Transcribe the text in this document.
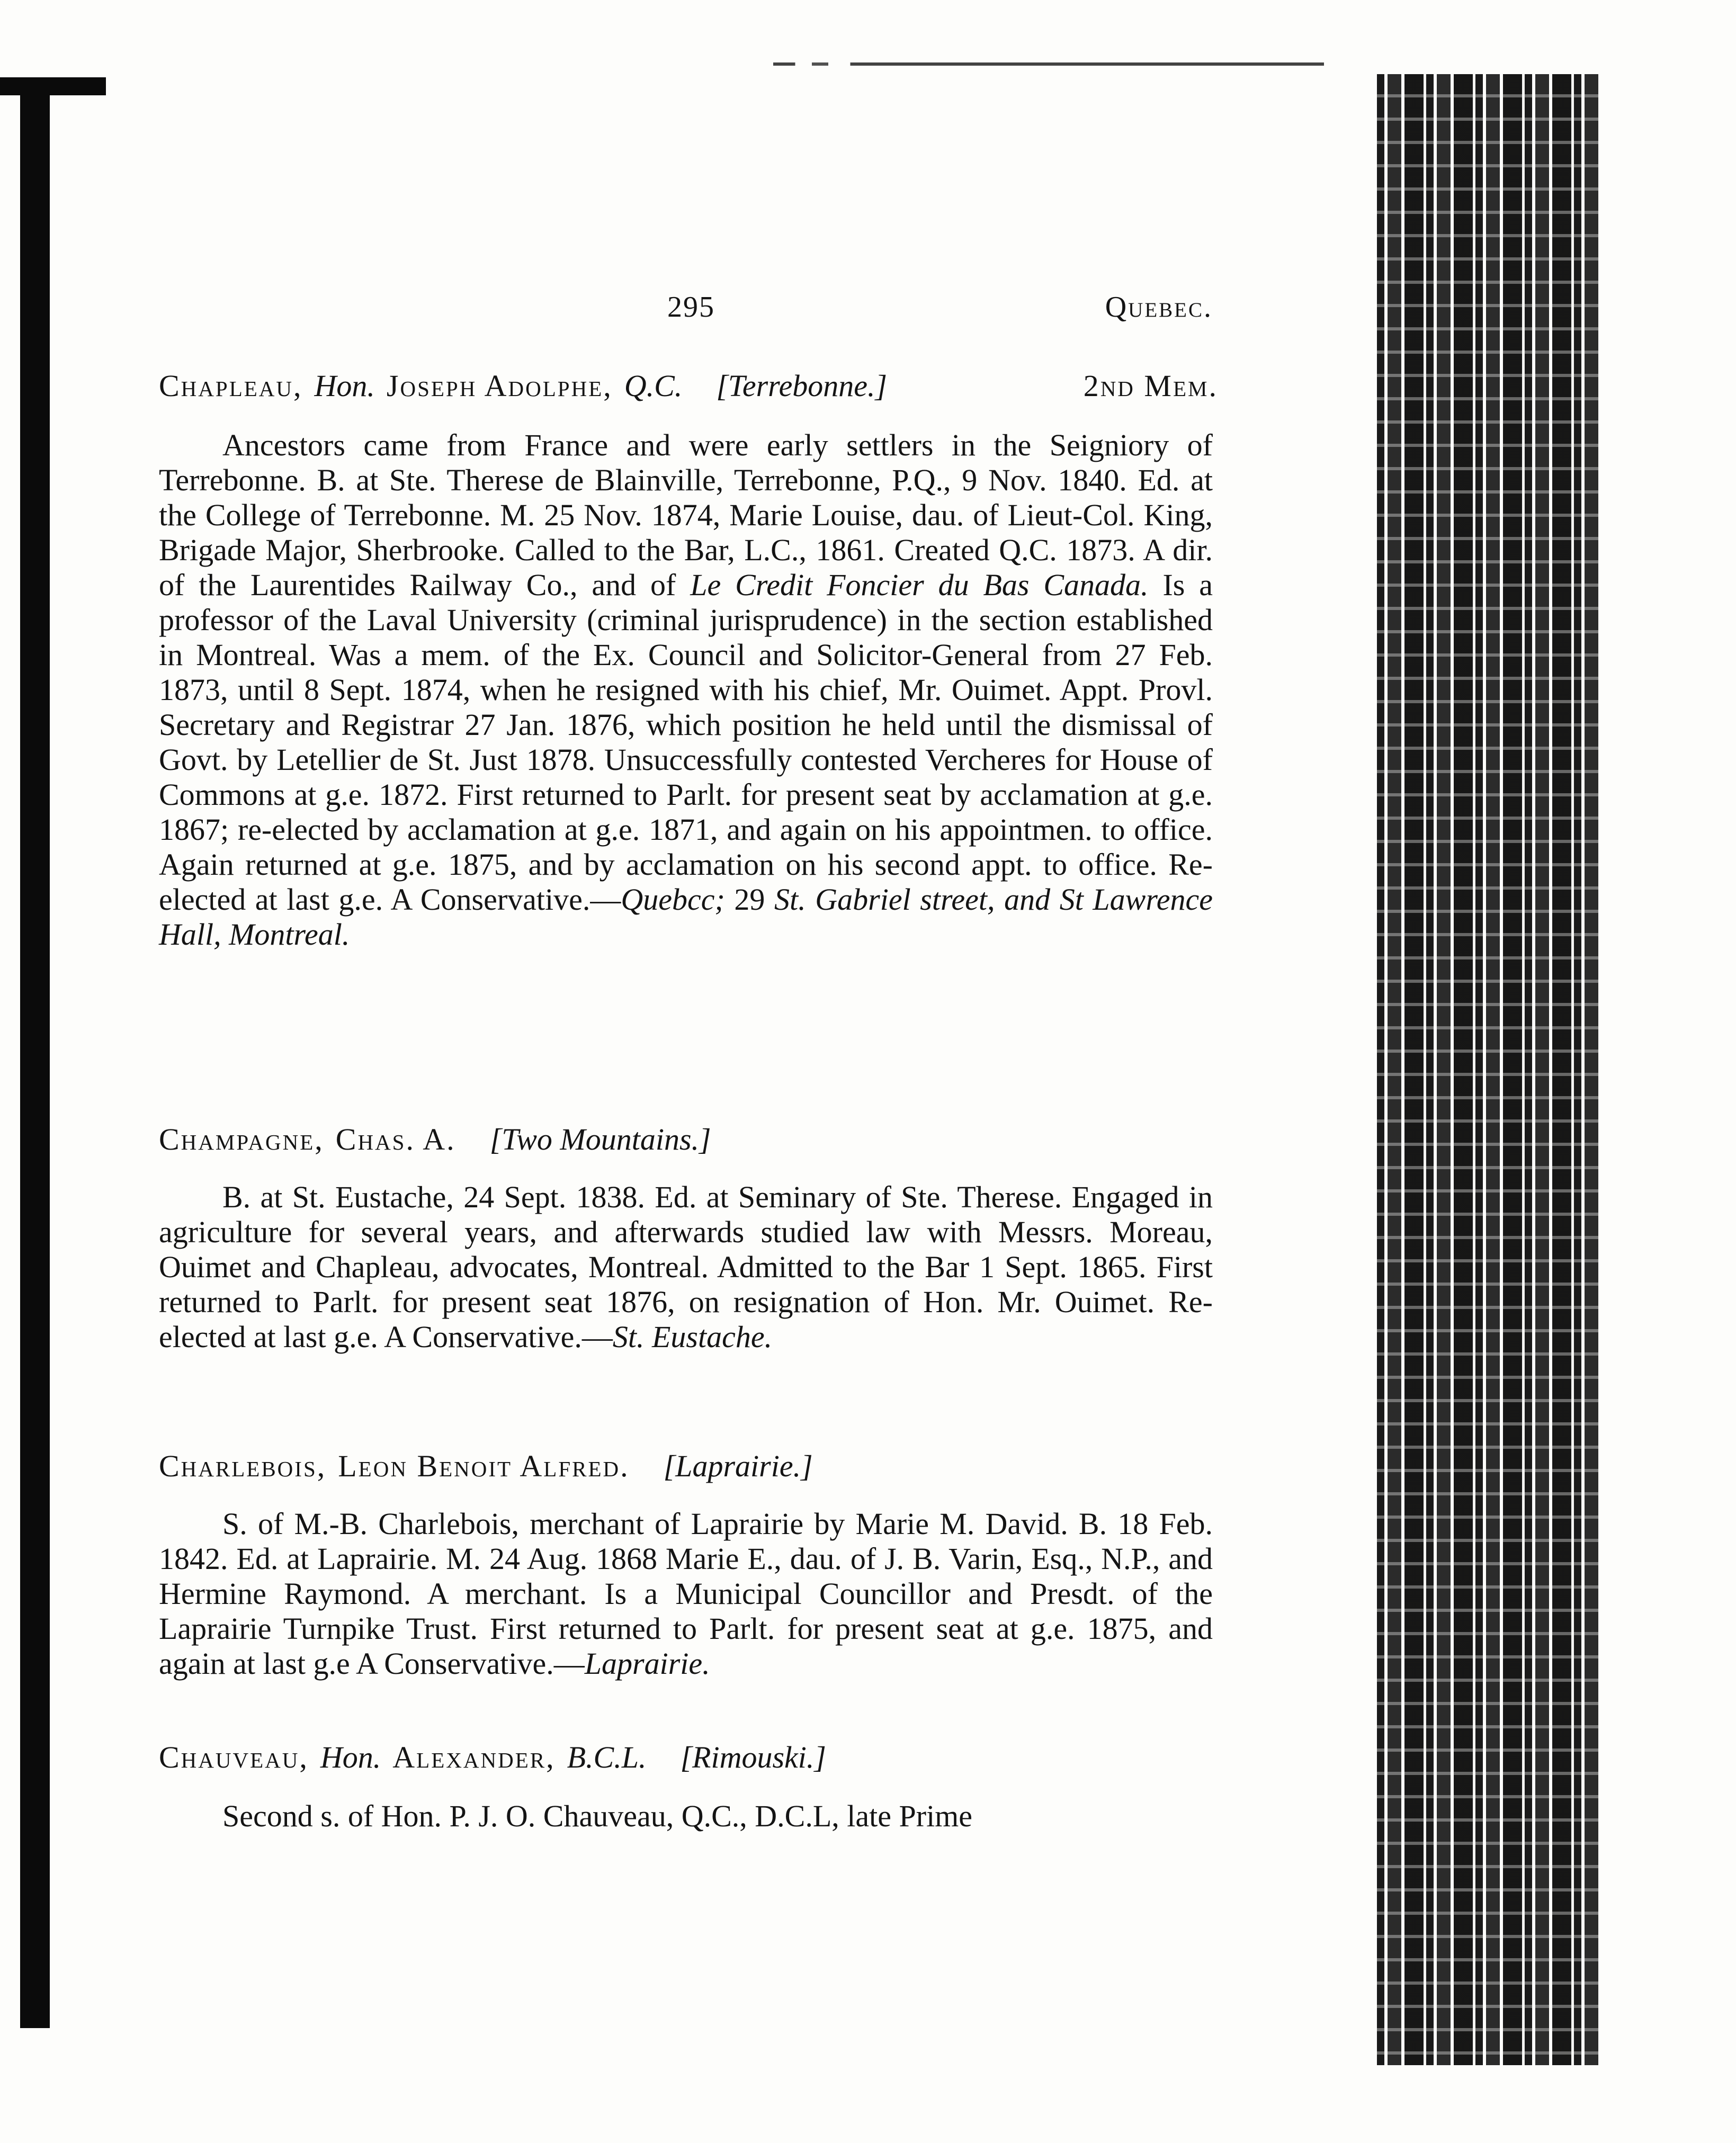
295	Quebec.
Chapleau, Hon. Joseph Adolphe, Q.C. [Terrebonne.]	2nd Mem.

Ancestors came from France and were early settlers in the Seigniory of Terrebonne. B. at Ste. Therese de Blainville, Terrebonne, P.Q., 9 Nov. 1840. Ed. at the College of Terrebonne. M. 25 Nov. 1874, Marie Louise, dau. of Lieut-Col. King, Brigade Major, Sherbrooke. Called to the Bar, L.C., 1861. Created Q.C. 1873. A dir. of the Laurentides Railway Co., and of Le Credit Foncier du Bas Canada. Is a professor of the Laval University (criminal jurisprudence) in the section established in Montreal. Was a mem. of the Ex. Council and Solicitor-General from 27 Feb. 1873, until 8 Sept. 1874, when he resigned with his chief, Mr. Ouimet. Appt. Provl. Secretary and Registrar 27 Jan. 1876, which position he held until the dismissal of Govt. by Letellier de St. Just 1878. Unsuccessfully contested Vercheres for House of Commons at g.e. 1872. First returned to Parlt. for present seat by acclamation at g.e. 1867; re-elected by acclamation at g.e. 1871, and again on his appointmen. to office. Again returned at g.e. 1875, and by acclamation on his second appt. to office. Re-elected at last g.e. A Conservative.—Quebcc; 29 St. Gabriel street, and St Lawrence Hall, Montreal.

Champagne, Chas. A. [Two Mountains.]

B. at St. Eustache, 24 Sept. 1838. Ed. at Seminary of Ste. Therese. Engaged in agriculture for several years, and afterwards studied law with Messrs. Moreau, Ouimet and Chapleau, advocates, Montreal. Admitted to the Bar 1 Sept. 1865. First returned to Parlt. for present seat 1876, on resignation of Hon. Mr. Ouimet. Re-elected at last g.e. A Conservative.—St. Eustache.

Charlebois, Leon Benoit Alfred. [Laprairie.]

S. of M.-B. Charlebois, merchant of Laprairie by Marie M. David. B. 18 Feb. 1842. Ed. at Laprairie. M. 24 Aug. 1868 Marie E., dau. of J. B. Varin, Esq., N.P., and Hermine Raymond. A merchant. Is a Municipal Councillor and Presdt. of the Laprairie Turnpike Trust. First returned to Parlt. for present seat at g.e. 1875, and again at last g.e A Conservative.—Laprairie.

Chauveau, Hon. Alexander, B.C.L. [Rimouski.]

Second s. of Hon. P. J. O. Chauveau, Q.C., D.C.L, late Prime
